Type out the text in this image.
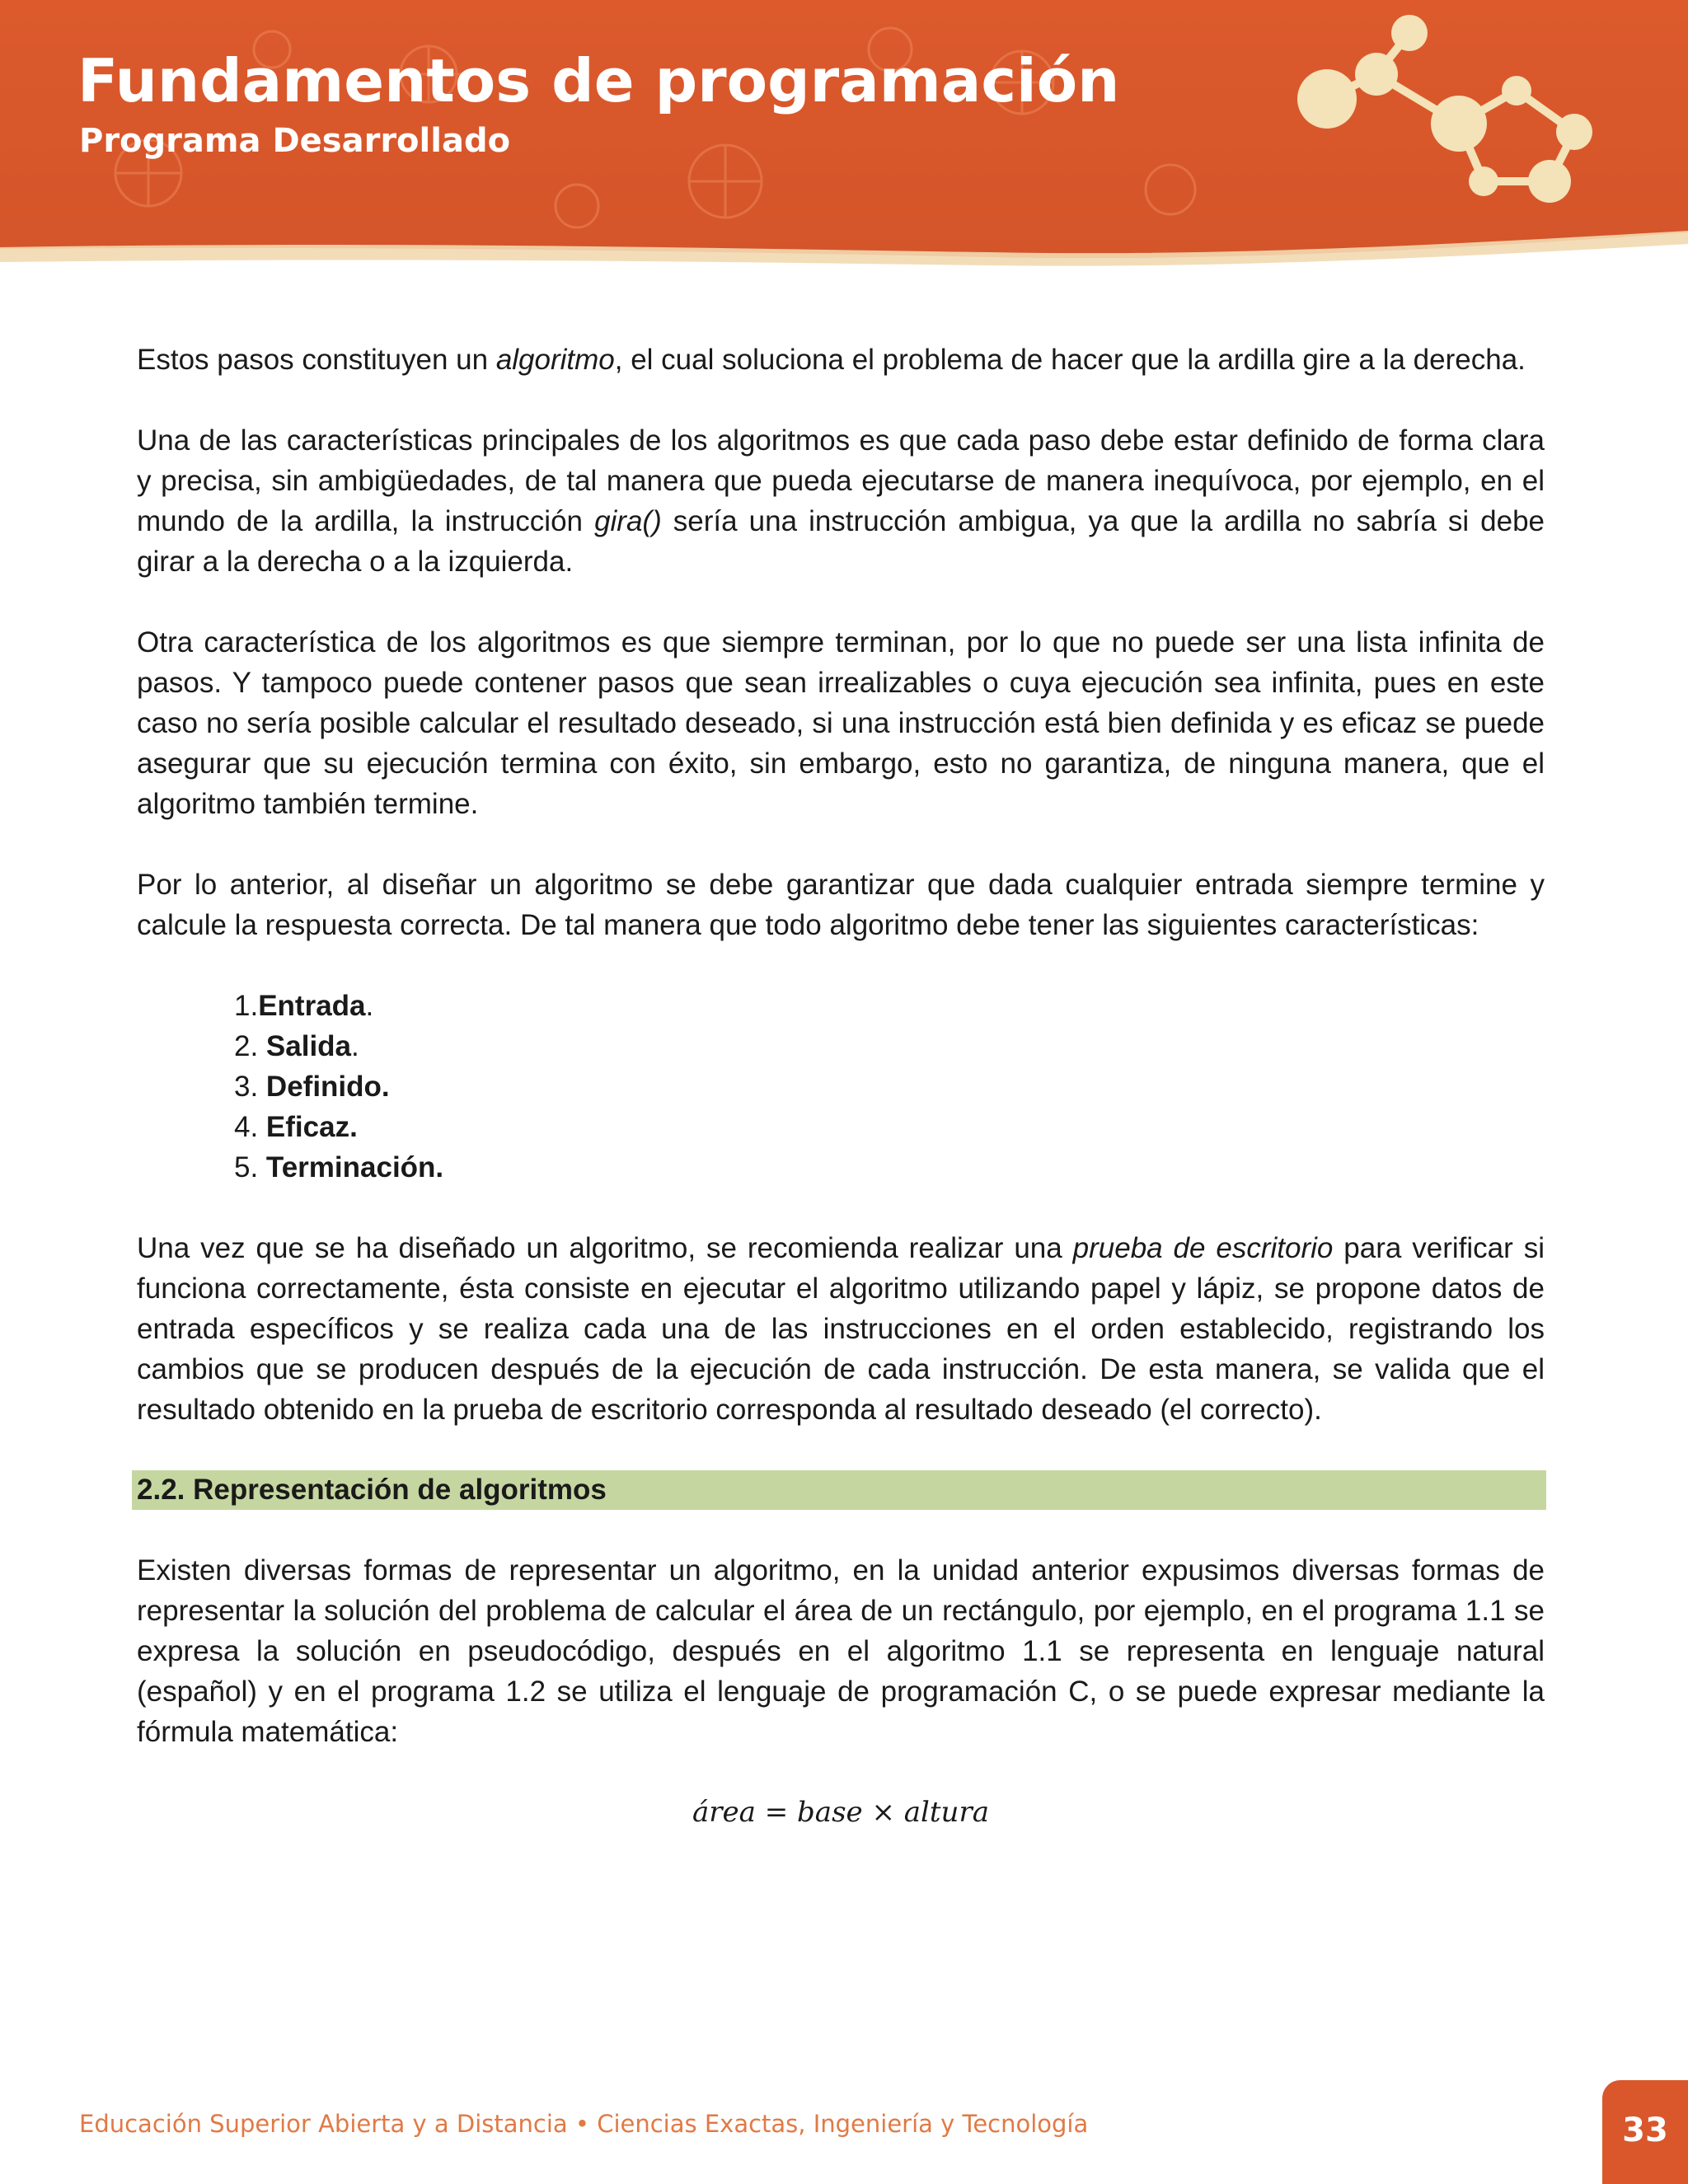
Fundamentos de programación
Programa Desarrollado

Estos pasos constituyen un algoritmo, el cual soluciona el problema de hacer que la ardilla gire a la derecha.

Una de las características principales de los algoritmos es que cada paso debe estar definido de forma clara y precisa, sin ambigüedades, de tal manera que pueda ejecutarse de manera inequívoca, por ejemplo, en el mundo de la ardilla, la instrucción gira() sería una instrucción ambigua, ya que la ardilla no sabría si debe girar a la derecha o a la izquierda.

Otra característica de los algoritmos es que siempre terminan, por lo que no puede ser una lista infinita de pasos. Y tampoco puede contener pasos que sean irrealizables o cuya ejecución sea infinita, pues en este caso no sería posible calcular el resultado deseado, si una instrucción está bien definida y es eficaz se puede asegurar que su ejecución termina con éxito, sin embargo, esto no garantiza, de ninguna manera, que el algoritmo también termine.

Por lo anterior, al diseñar un algoritmo se debe garantizar que dada cualquier entrada siempre termine y calcule la respuesta correcta. De tal manera que todo algoritmo debe tener las siguientes características:

1.Entrada.
2. Salida.
3. Definido.
4. Eficaz.
5. Terminación.

Una vez que se ha diseñado un algoritmo, se recomienda realizar una prueba de escritorio para verificar si funciona correctamente, ésta consiste en ejecutar el algoritmo utilizando papel y lápiz, se propone datos de entrada específicos y se realiza cada una de las instrucciones en el orden establecido, registrando los cambios que se producen después de la ejecución de cada instrucción. De esta manera, se valida que el resultado obtenido en la prueba de escritorio corresponda al resultado deseado (el correcto).

2.2. Representación de algoritmos

Existen diversas formas de representar un algoritmo, en la unidad anterior expusimos diversas formas de representar la solución del problema de calcular el área de un rectángulo, por ejemplo, en el programa 1.1 se expresa la solución en pseudocódigo, después en el algoritmo 1.1 se representa en lenguaje natural (español) y en el programa 1.2 se utiliza el lenguaje de programación C, o se puede expresar mediante la fórmula matemática:

área = base × altura
Educación Superior Abierta y a Distancia • Ciencias Exactas, Ingeniería y Tecnología	33
